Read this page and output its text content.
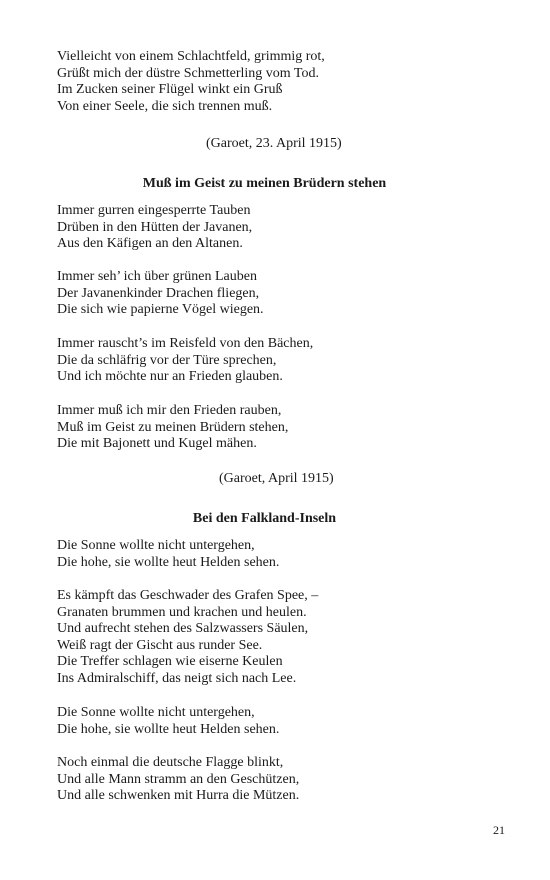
Vielleicht von einem Schlachtfeld, grimmig rot,
Grüßt mich der düstre Schmetterling vom Tod.
Im Zucken seiner Flügel winkt ein Gruß
Von einer Seele, die sich trennen muß.
(Garoet, 23. April 1915)
Muß im Geist zu meinen Brüdern stehen
Immer gurren eingesperrte Tauben
Drüben in den Hütten der Javanen,
Aus den Käfigen an den Altanen.
Immer seh’ ich über grünen Lauben
Der Javanenkinder Drachen fliegen,
Die sich wie papierne Vögel wiegen.
Immer rauscht’s im Reisfeld von den Bächen,
Die da schläfrig vor der Türe sprechen,
Und ich möchte nur an Frieden glauben.
Immer muß ich mir den Frieden rauben,
Muß im Geist zu meinen Brüdern stehen,
Die mit Bajonett und Kugel mähen.
(Garoet, April 1915)
Bei den Falkland-Inseln
Die Sonne wollte nicht untergehen,
Die hohe, sie wollte heut Helden sehen.
Es kämpft das Geschwader des Grafen Spee, –
Granaten brummen und krachen und heulen.
Und aufrecht stehen des Salzwassers Säulen,
Weiß ragt der Gischt aus runder See.
Die Treffer schlagen wie eiserne Keulen
Ins Admiralschiff, das neigt sich nach Lee.
Die Sonne wollte nicht untergehen,
Die hohe, sie wollte heut Helden sehen.
Noch einmal die deutsche Flagge blinkt,
Und alle Mann stramm an den Geschützen,
Und alle schwenken mit Hurra die Mützen.
21
